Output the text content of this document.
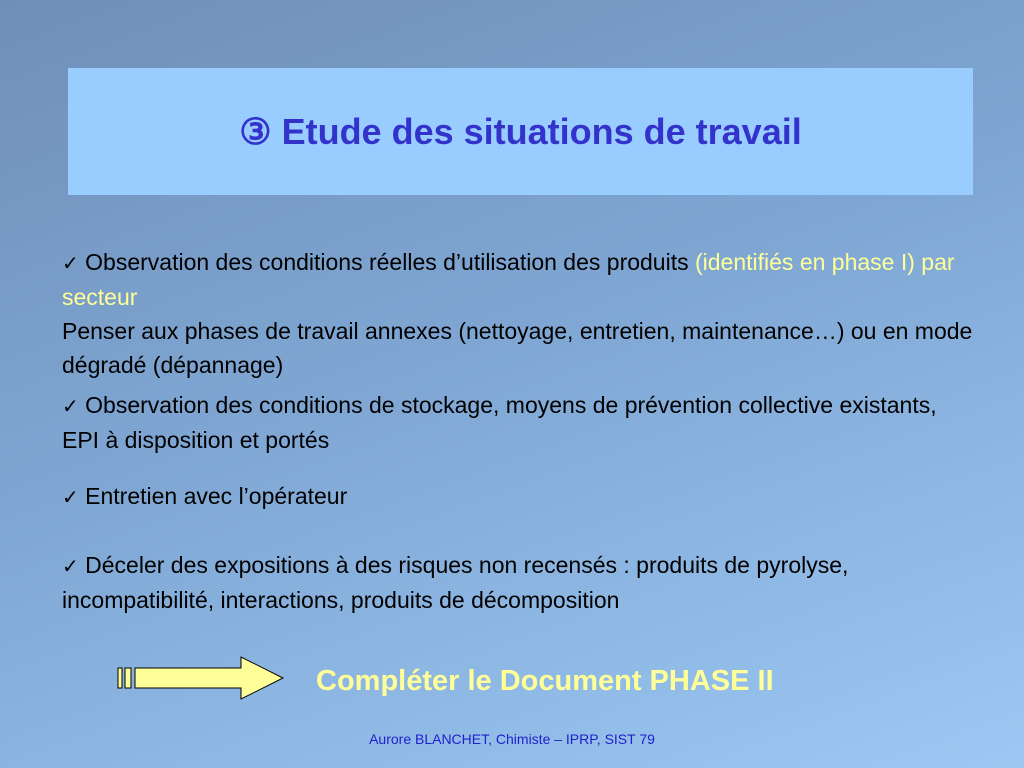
③ Etude des situations de travail
✓ Observation des conditions réelles d’utilisation des produits (identifiés en phase I) par secteur
Penser aux phases de travail annexes (nettoyage, entretien, maintenance…) ou en mode dégradé (dépannage)
✓ Observation des conditions de stockage, moyens de prévention collective existants, EPI à disposition et portés
✓ Entretien avec l’opérateur
✓ Déceler des expositions à des risques non recensés : produits de pyrolyse, incompatibilité, interactions, produits de décomposition
Compléter le Document PHASE II
Aurore BLANCHET, Chimiste – IPRP, SIST 79
